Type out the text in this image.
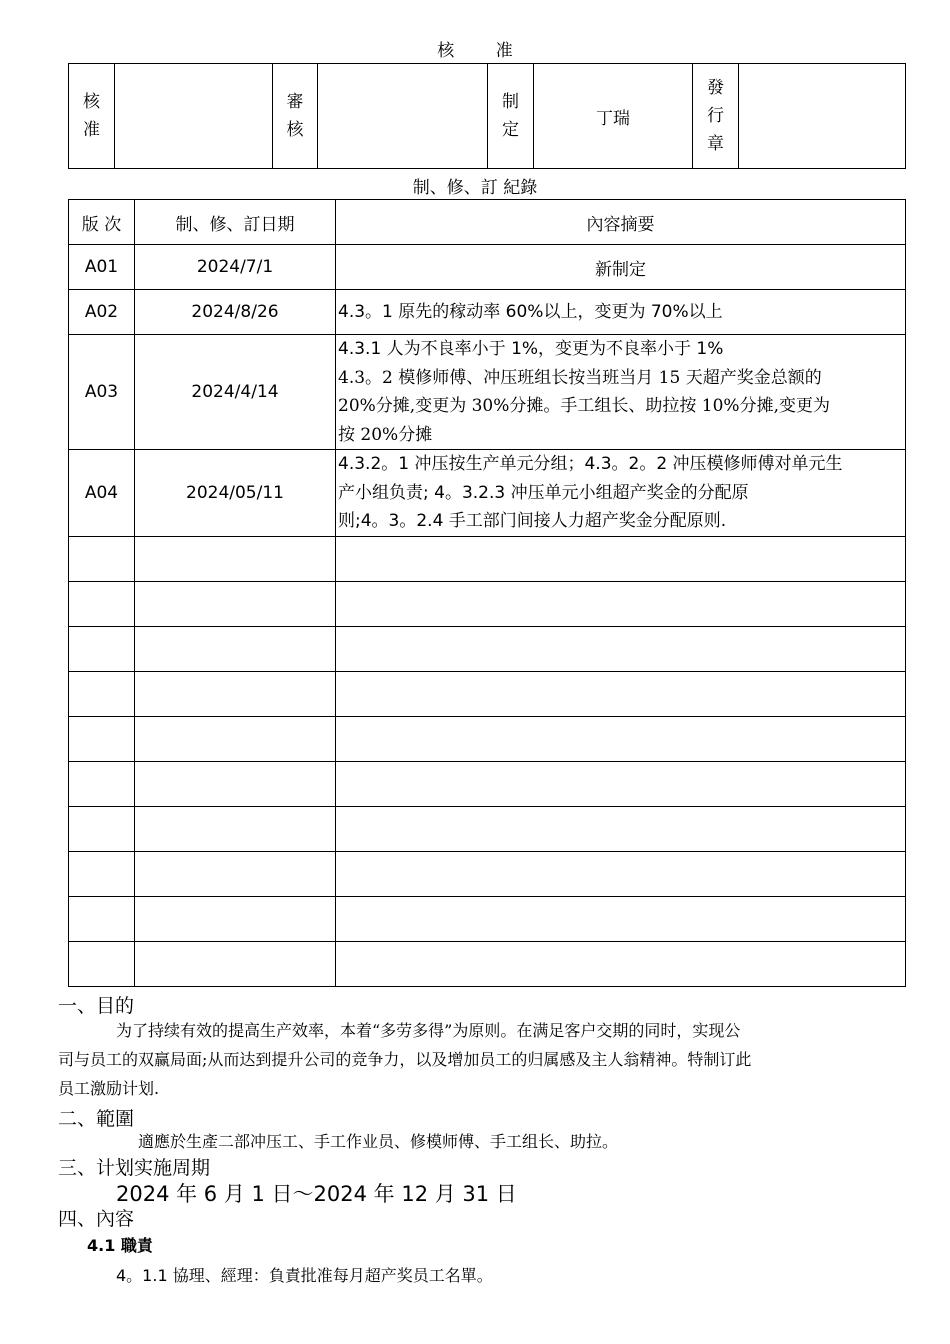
核 准
核准		審核		制定	丁瑞	發行章	
制、修、訂 紀錄
版 次	制、修、訂日期	內容摘要
A01	2024/7/1	新制定
A02	2024/8/26	4.3。1 原先的稼动率 60%以上，变更为 70%以上
A03	2024/4/14	4.3.1 人为不良率小于 1%，变更为不良率小于 1%
4.3。2 模修师傅、冲压班组长按当班当月 15 天超产奖金总额的
20%分摊,变更为 30%分摊。手工组长、助拉按 10%分摊,变更为
按 20%分摊

A04	2024/05/11	4.3.2。1 冲压按生产单元分组；4.3。2。2 冲压模修师傅对单元生
产小组负责; 4。3.2.3 冲压单元小组超产奖金的分配原
则;4。3。2.4 手工部门间接人力超产奖金分配原则.

一、目的
为了持续有效的提高生产效率，本着“多劳多得”为原则。在满足客户交期的同时，实现公
司与员工的双赢局面;从而达到提升公司的竞争力，以及增加员工的归属感及主人翁精神。特制订此
员工激励计划.
二、範圍
適應於生產二部冲压工、手工作业员、修模师傅、手工组长、助拉。
三、计划实施周期
2024 年 6 月 1 日～2024 年 12 月 31 日
四、內容
4.1 職責
4。1.1 協理、經理：負責批准每月超产奖员工名單。
